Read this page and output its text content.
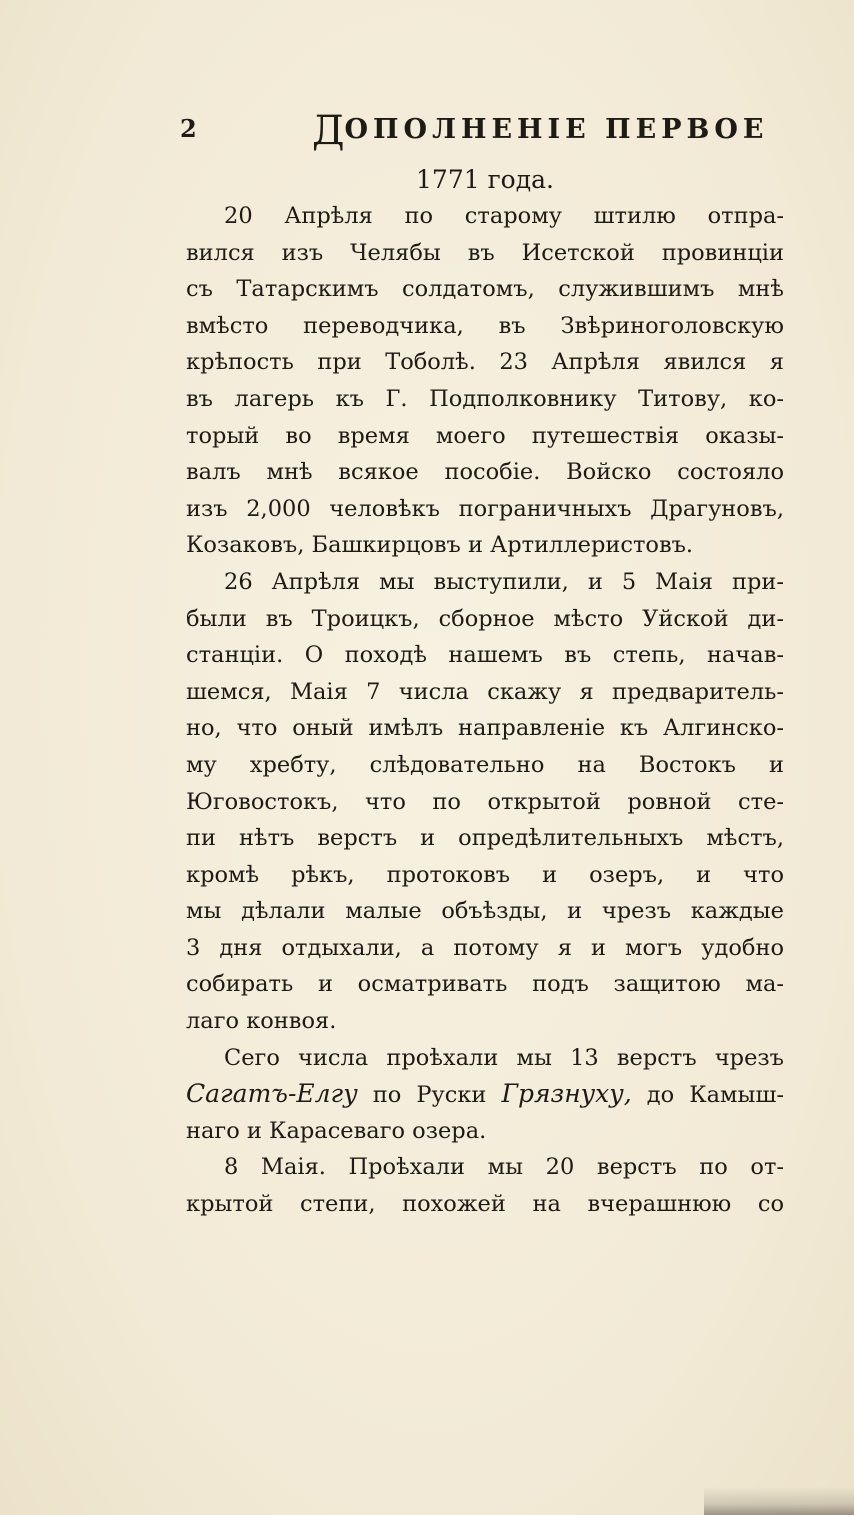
2	ДОПОЛНЕНІЕ ПЕРВОЕ
1771 года.
20 Апрѣля по старому штилю отпра-
вился изъ Челябы въ Исетской провинціи
съ Татарскимъ солдатомъ, служившимъ мнѣ
вмѣсто переводчика, въ Звѣриноголовскую
крѣпость при Тоболѣ. 23 Апрѣля явился я
въ лагерь къ Г. Подполковнику Титову, ко-
торый во время моего путешествія оказы-
валъ мнѣ всякое пособіе. Войско состояло
изъ 2,000 человѣкъ пограничныхъ Драгуновъ,
Козаковъ, Башкирцовъ и Артиллеристовъ.
26 Апрѣля мы выступили, и 5 Маія при-
были въ Троицкъ, сборное мѣсто Уйской ди-
станціи. О походѣ нашемъ въ степь, начав-
шемся, Маія 7 числа скажу я предваритель-
но, что оный имѣлъ направленіе къ Алгинско-
му хребту, слѣдовательно на Востокъ и
Юговостокъ, что по открытой ровной сте-
пи нѣтъ верстъ и опредѣлительныхъ мѣстъ,
кромѣ рѣкъ, протоковъ и озеръ, и что
мы дѣлали малые объѣзды, и чрезъ каждые
3 дня отдыхали, а потому я и могъ удобно
собирать и осматривать подъ защитою ма-
лаго конвоя.
Сего числа проѣхали мы 13 верстъ чрезъ
Сагатъ-Елгу по Руски Грязнуху, до Камыш-
наго и Карасеваго озера.
8 Маія. Проѣхали мы 20 верстъ по от-
крытой степи, похожей на вчерашнюю со
